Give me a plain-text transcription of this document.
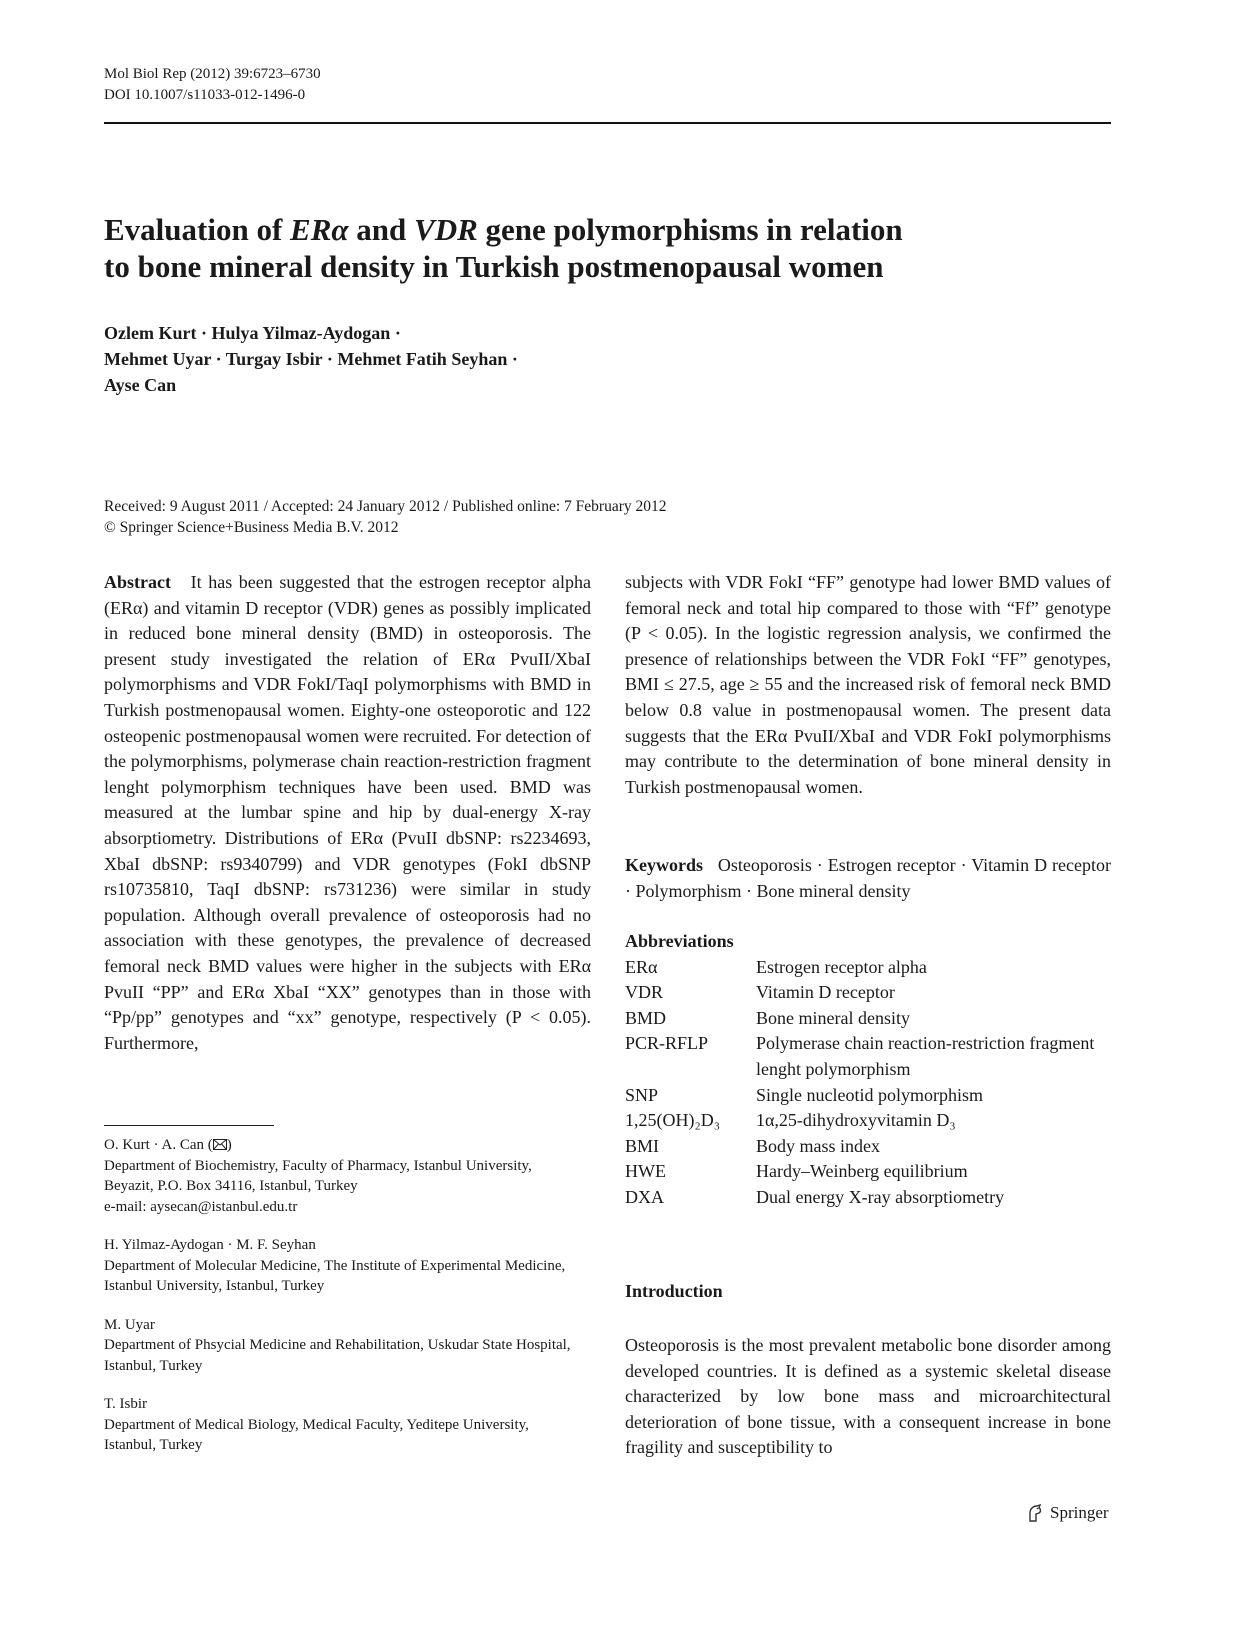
Mol Biol Rep (2012) 39:6723–6730
DOI 10.1007/s11033-012-1496-0
Evaluation of ERα and VDR gene polymorphisms in relation
to bone mineral density in Turkish postmenopausal women
Ozlem Kurt · Hulya Yilmaz-Aydogan ·
Mehmet Uyar · Turgay Isbir · Mehmet Fatih Seyhan ·
Ayse Can
Received: 9 August 2011 / Accepted: 24 January 2012 / Published online: 7 February 2012
© Springer Science+Business Media B.V. 2012

Abstract It has been suggested that the estrogen receptor alpha (ERα) and vitamin D receptor (VDR) genes as possibly implicated in reduced bone mineral density (BMD) in osteoporosis. The present study investigated the relation of ERα PvuII/XbaI polymorphisms and VDR FokI/TaqI polymorphisms with BMD in Turkish postmenopausal women. Eighty-one osteoporotic and 122 osteopenic postmenopausal women were recruited. For detection of the polymorphisms, polymerase chain reaction-restriction fragment lenght polymorphism techniques have been used. BMD was measured at the lumbar spine and hip by dual-energy X-ray absorptiometry. Distributions of ERα (PvuII dbSNP: rs2234693, XbaI dbSNP: rs9340799) and VDR genotypes (FokI dbSNP rs10735810, TaqI dbSNP: rs731236) were similar in study population. Although overall prevalence of osteoporosis had no association with these genotypes, the prevalence of decreased femoral neck BMD values were higher in the subjects with ERα PvuII “PP” and ERα XbaI “XX” genotypes than in those with “Pp/pp” genotypes and “xx” genotype, respectively (P < 0.05). Furthermore,

O. Kurt · A. Can ( )
Department of Biochemistry, Faculty of Pharmacy, Istanbul University, Beyazit, P.O. Box 34116, Istanbul, Turkey
e-mail: aysecan@istanbul.edu.tr
H. Yilmaz-Aydogan · M. F. Seyhan
Department of Molecular Medicine, The Institute of Experimental Medicine, Istanbul University, Istanbul, Turkey
M. Uyar
Department of Phsycial Medicine and Rehabilitation, Uskudar State Hospital, Istanbul, Turkey
T. Isbir
Department of Medical Biology, Medical Faculty, Yeditepe University, Istanbul, Turkey

subjects with VDR FokI “FF” genotype had lower BMD values of femoral neck and total hip compared to those with “Ff” genotype (P < 0.05). In the logistic regression analysis, we confirmed the presence of relationships between the VDR FokI “FF” genotypes, BMI ≤ 27.5, age ≥ 55 and the increased risk of femoral neck BMD below 0.8 value in postmenopausal women. The present data suggests that the ERα PvuII/XbaI and VDR FokI polymorphisms may contribute to the determination of bone mineral density in Turkish postmenopausal women.

Keywords Osteoporosis · Estrogen receptor · Vitamin D receptor · Polymorphism · Bone mineral density

Abbreviations
ERα	Estrogen receptor alpha
VDR	Vitamin D receptor
BMD	Bone mineral density
PCR-RFLP	Polymerase chain reaction-restriction fragment lenght polymorphism
SNP	Single nucleotid polymorphism
1,25(OH)₂D₃	1α,25-dihydroxyvitamin D₃
BMI	Body mass index
HWE	Hardy–Weinberg equilibrium
DXA	Dual energy X-ray absorptiometry
Introduction

Osteoporosis is the most prevalent metabolic bone disorder among developed countries. It is defined as a systemic skeletal disease characterized by low bone mass and microarchitectural deterioration of bone tissue, with a consequent increase in bone fragility and susceptibility to

Springer
